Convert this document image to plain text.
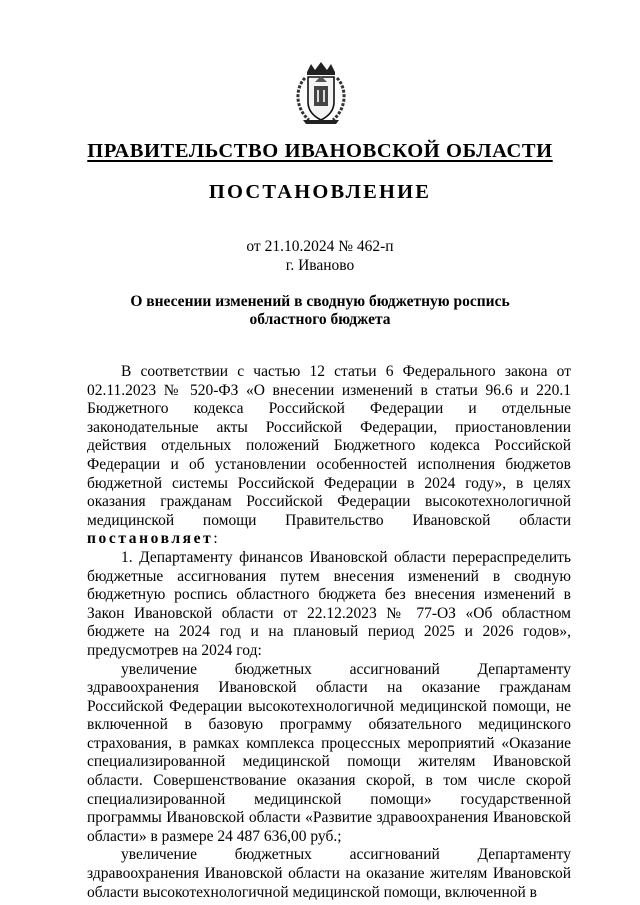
ПРАВИТЕЛЬСТВО ИВАНОВСКОЙ ОБЛАСТИ
ПОСТАНОВЛЕНИЕ
от 21.10.2024 № 462-п
г. Иваново
О внесении изменений в сводную бюджетную роспись
областного бюджета

В соответствии с частью 12 статьи 6 Федерального закона от 02.11.2023 № 520-ФЗ «О внесении изменений в статьи 96.6 и 220.1 Бюджетного кодекса Российской Федерации и отдельные законодательные акты Российской Федерации, приостановлении действия отдельных положений Бюджетного кодекса Российской Федерации и об установлении особенностей исполнения бюджетов бюджетной системы Российской Федерации в 2024 году», в целях оказания гражданам Российской Федерации высокотехнологичной медицинской помощи Правительство Ивановской области постановляет:

1. Департаменту финансов Ивановской области перераспределить бюджетные ассигнования путем внесения изменений в сводную бюджетную роспись областного бюджета без внесения изменений в Закон Ивановской области от 22.12.2023 № 77-ОЗ «Об областном бюджете на 2024 год и на плановый период 2025 и 2026 годов», предусмотрев на 2024 год:

увеличение бюджетных ассигнований Департаменту здравоохранения Ивановской области на оказание гражданам Российской Федерации высокотехнологичной медицинской помощи, не включенной в базовую программу обязательного медицинского страхования, в рамках комплекса процессных мероприятий «Оказание специализированной медицинской помощи жителям Ивановской области. Совершенствование оказания скорой, в том числе скорой специализированной медицинской помощи» государственной программы Ивановской области «Развитие здравоохранения Ивановской области» в размере 24 487 636,00 руб.;

увеличение бюджетных ассигнований Департаменту здравоохранения Ивановской области на оказание жителям Ивановской области высокотехнологичной медицинской помощи, включенной в
